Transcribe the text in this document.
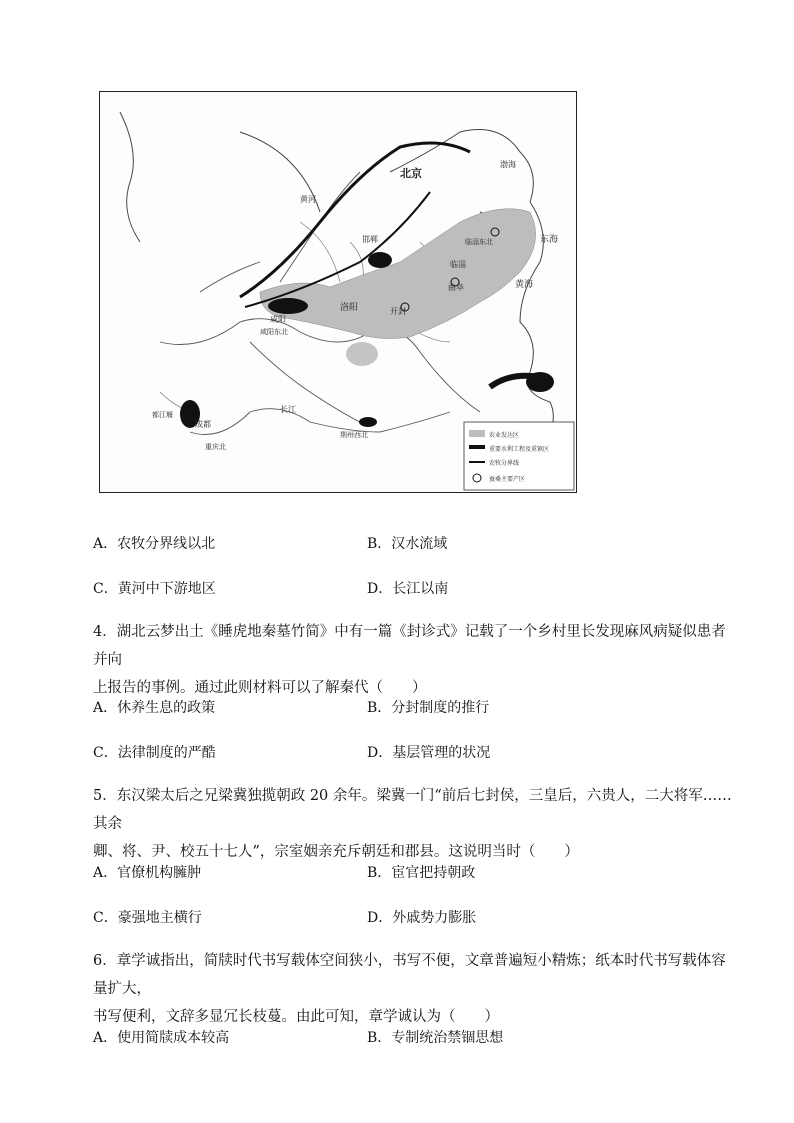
北京
邯郸
洛阳	开封
咸阳
咸阳东北
临淄
临淄东北
曲阜
成都
都江堰
重庆北
荆州西北
渤海
黄河
长江
黄海
东海
农业发达区
重要水利工程及重镇区
农牧分界线
蚕桑主要产区
A．农牧分界线以北	B．汉水流域
C．黄河中下游地区	D．长江以南

4．湖北云梦出土《睡虎地秦墓竹简》中有一篇《封诊式》记载了一个乡村里长发现麻风病疑似患者并向

上报告的事例。通过此则材料可以了解秦代（　　）

A．休养生息的政策	B．分封制度的推行
C．法律制度的严酷	D．基层管理的状况

5．东汉梁太后之兄梁冀独揽朝政 20 余年。梁冀一门“前后七封侯，三皇后，六贵人，二大将军……其余

卿、将、尹、校五十七人”，宗室姻亲充斥朝廷和郡县。这说明当时（　　）

A．官僚机构臃肿	B．宦官把持朝政
C．豪强地主横行	D．外戚势力膨胀

6．章学诚指出，简牍时代书写载体空间狭小，书写不便，文章普遍短小精炼；纸本时代书写载体容量扩大，

书写便利，文辞多显冗长枝蔓。由此可知，章学诚认为（　　）

A．使用简牍成本较高	B．专制统治禁锢思想
